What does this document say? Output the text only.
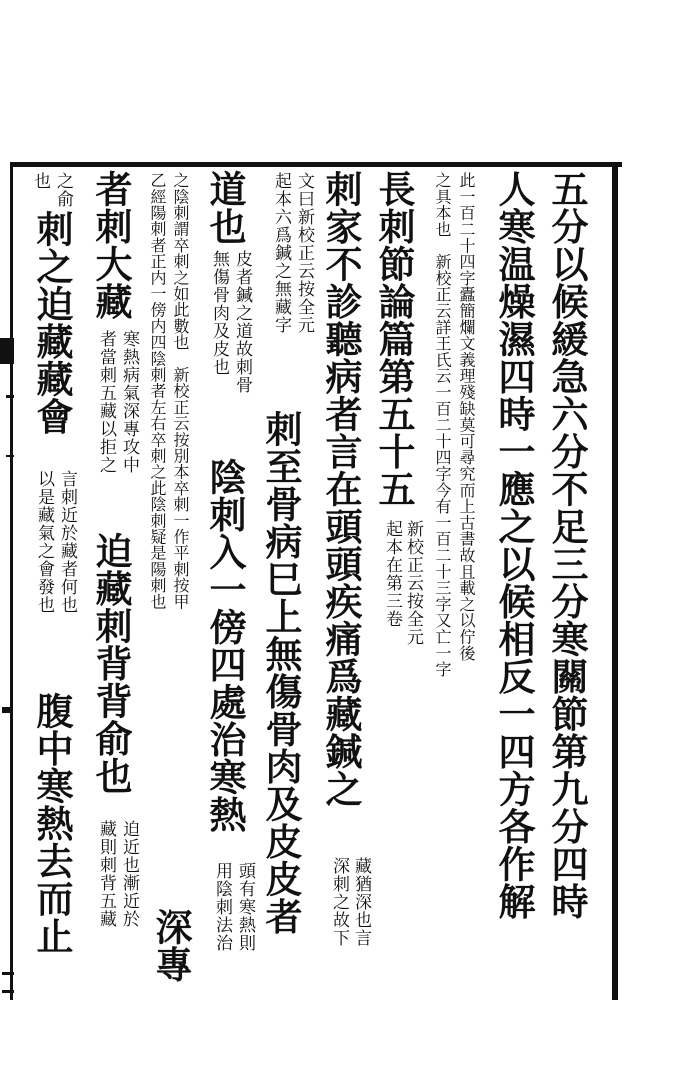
五分以候緩急六分不足三分寒關節第九分四時
人寒温燥濕四時一應之以候相反一四方各作解
此一百二十四字蠹簡爛文義理殘缺莫可尋究而上古書故且載之以佇後
之具本也　新校正云詳王氏云一百二十四字今有一百二十三字又亡一字
長刺節論篇第五十五
新校正云按全元
起本在第三卷
刺家不診聽病者言在頭頭疾痛爲藏鍼之
藏猶深也言
深刺之故下
文曰新校正云按全元
起本六爲鍼之無藏字
刺至骨病巳上無傷骨肉及皮皮者
道也
皮者鍼之道故刺骨
無傷骨肉及皮也
陰刺入一傍四處治寒熱
頭有寒熱則
用陰刺法治
之陰刺謂卒刺之如此數也　新校正云按別本卒刺一作平刺按甲
乙經陽刺者正内一傍内四陰刺者左右卒刺之此陰刺疑是陽刺也
深專
者刺大藏
寒熱病氣深專攻中
者當刺五藏以拒之
迫藏刺背背俞也
迫近也漸近於
藏則刺背五藏
之俞
也
刺之迫藏藏會
言刺近於藏者何也
以是藏氣之會發也
腹中寒熱去而止
